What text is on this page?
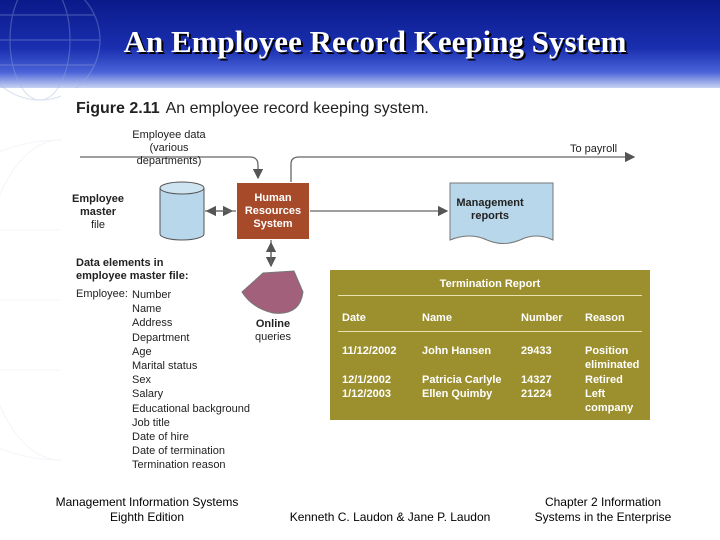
An Employee Record Keeping System
Figure 2.11 An employee record keeping system.
Employee data
(various departments)
To payroll
Employee
master
file
Human
Resources
System
Management
reports
Online
queries
Data elements in
employee master file:
Employee: Number
Name
Address
Department
Age
Marital status
Sex
Salary
Educational background
Job title
Date of hire
Date of termination
Termination reason
Termination Report
Date	Name	Number Reason
11/12/2002 John Hansen	29433	Position
eliminated
12/1/2002	Patricia Carlyle 14327	Retired
1/12/2003	Ellen Quimby	21224	Left
company
Management Information Systems
Eighth Edition	Kenneth C. Laudon & Jane P. Laudon
Chapter 2 Information
Systems in the Enterprise
